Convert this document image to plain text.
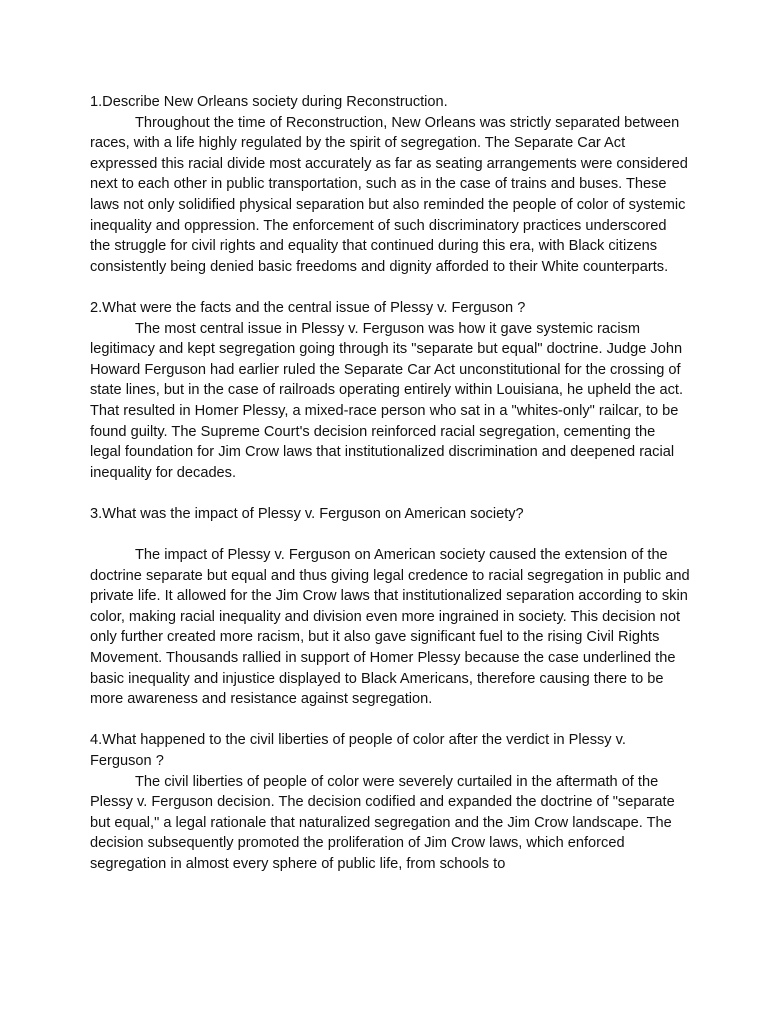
1.Describe New Orleans society during Reconstruction.

Throughout the time of Reconstruction, New Orleans was strictly separated between races, with a life highly regulated by the spirit of segregation. The Separate Car Act expressed this racial divide most accurately as far as seating arrangements were considered next to each other in public transportation, such as in the case of trains and buses. These laws not only solidified physical separation but also reminded the people of color of systemic inequality and oppression. The enforcement of such discriminatory practices underscored the struggle for civil rights and equality that continued during this era, with Black citizens consistently being denied basic freedoms and dignity afforded to their White counterparts.

2.What were the facts and the central issue of Plessy v. Ferguson ?

The most central issue in Plessy v. Ferguson was how it gave systemic racism legitimacy and kept segregation going through its "separate but equal" doctrine. Judge John Howard Ferguson had earlier ruled the Separate Car Act unconstitutional for the crossing of state lines, but in the case of railroads operating entirely within Louisiana, he upheld the act. That resulted in Homer Plessy, a mixed-race person who sat in a "whites-only" railcar, to be found guilty. The Supreme Court's decision reinforced racial segregation, cementing the legal foundation for Jim Crow laws that institutionalized discrimination and deepened racial inequality for decades.

3.What was the impact of Plessy v. Ferguson on American society?

The impact of Plessy v. Ferguson on American society caused the extension of the doctrine separate but equal and thus giving legal credence to racial segregation in public and private life. It allowed for the Jim Crow laws that institutionalized separation according to skin color, making racial inequality and division even more ingrained in society. This decision not only further created more racism, but it also gave significant fuel to the rising Civil Rights Movement. Thousands rallied in support of Homer Plessy because the case underlined the basic inequality and injustice displayed to Black Americans, therefore causing there to be more awareness and resistance against segregation.

4.What happened to the civil liberties of people of color after the verdict in Plessy v. Ferguson ?

The civil liberties of people of color were severely curtailed in the aftermath of the Plessy v. Ferguson decision. The decision codified and expanded the doctrine of "separate but equal," a legal rationale that naturalized segregation and the Jim Crow landscape. The decision subsequently promoted the proliferation of Jim Crow laws, which enforced segregation in almost every sphere of public life, from schools to
